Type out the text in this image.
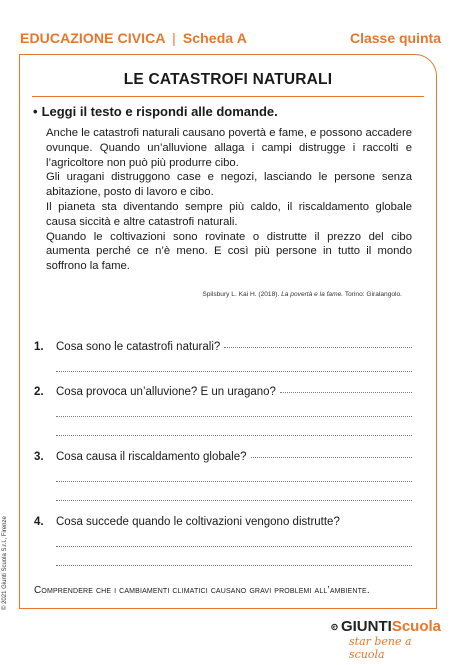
EDUCAZIONE CIVICA | Scheda A	Classe quinta
LE CATASTROFI NATURALI
• Leggi il testo e rispondi alle domande.

Anche le catastrofi naturali causano povertà e fame, e possono accadere ovunque. Quando un’alluvione allaga i campi distrugge i raccolti e l’agricoltore non può più produrre cibo.

Gli uragani distruggono case e negozi, lasciando le persone senza abitazione, posto di lavoro e cibo.

Il pianeta sta diventando sempre più caldo, il riscaldamento globale causa siccità e altre catastrofi naturali.

Quando le coltivazioni sono rovinate o distrutte il prezzo del cibo aumenta perché ce n’è meno. E così più persone in tutto il mondo soffrono la fame.

Spilsbury L. Kai H. (2018). La povertà e la fame. Torino: Giralangolo.
1.	Cosa sono le catastrofi naturali?
2.	Cosa provoca un’alluvione? E un uragano?
3.	Cosa causa il riscaldamento globale?
4.	Cosa succede quando le coltivazioni vengono distrutte?
Comprendere che i cambiamenti climatici causano gravi problemi all’ambiente.
© 2021 Giunti Scuola S.r.l., Firenze
GIUNTI Scuola
star bene a scuola
